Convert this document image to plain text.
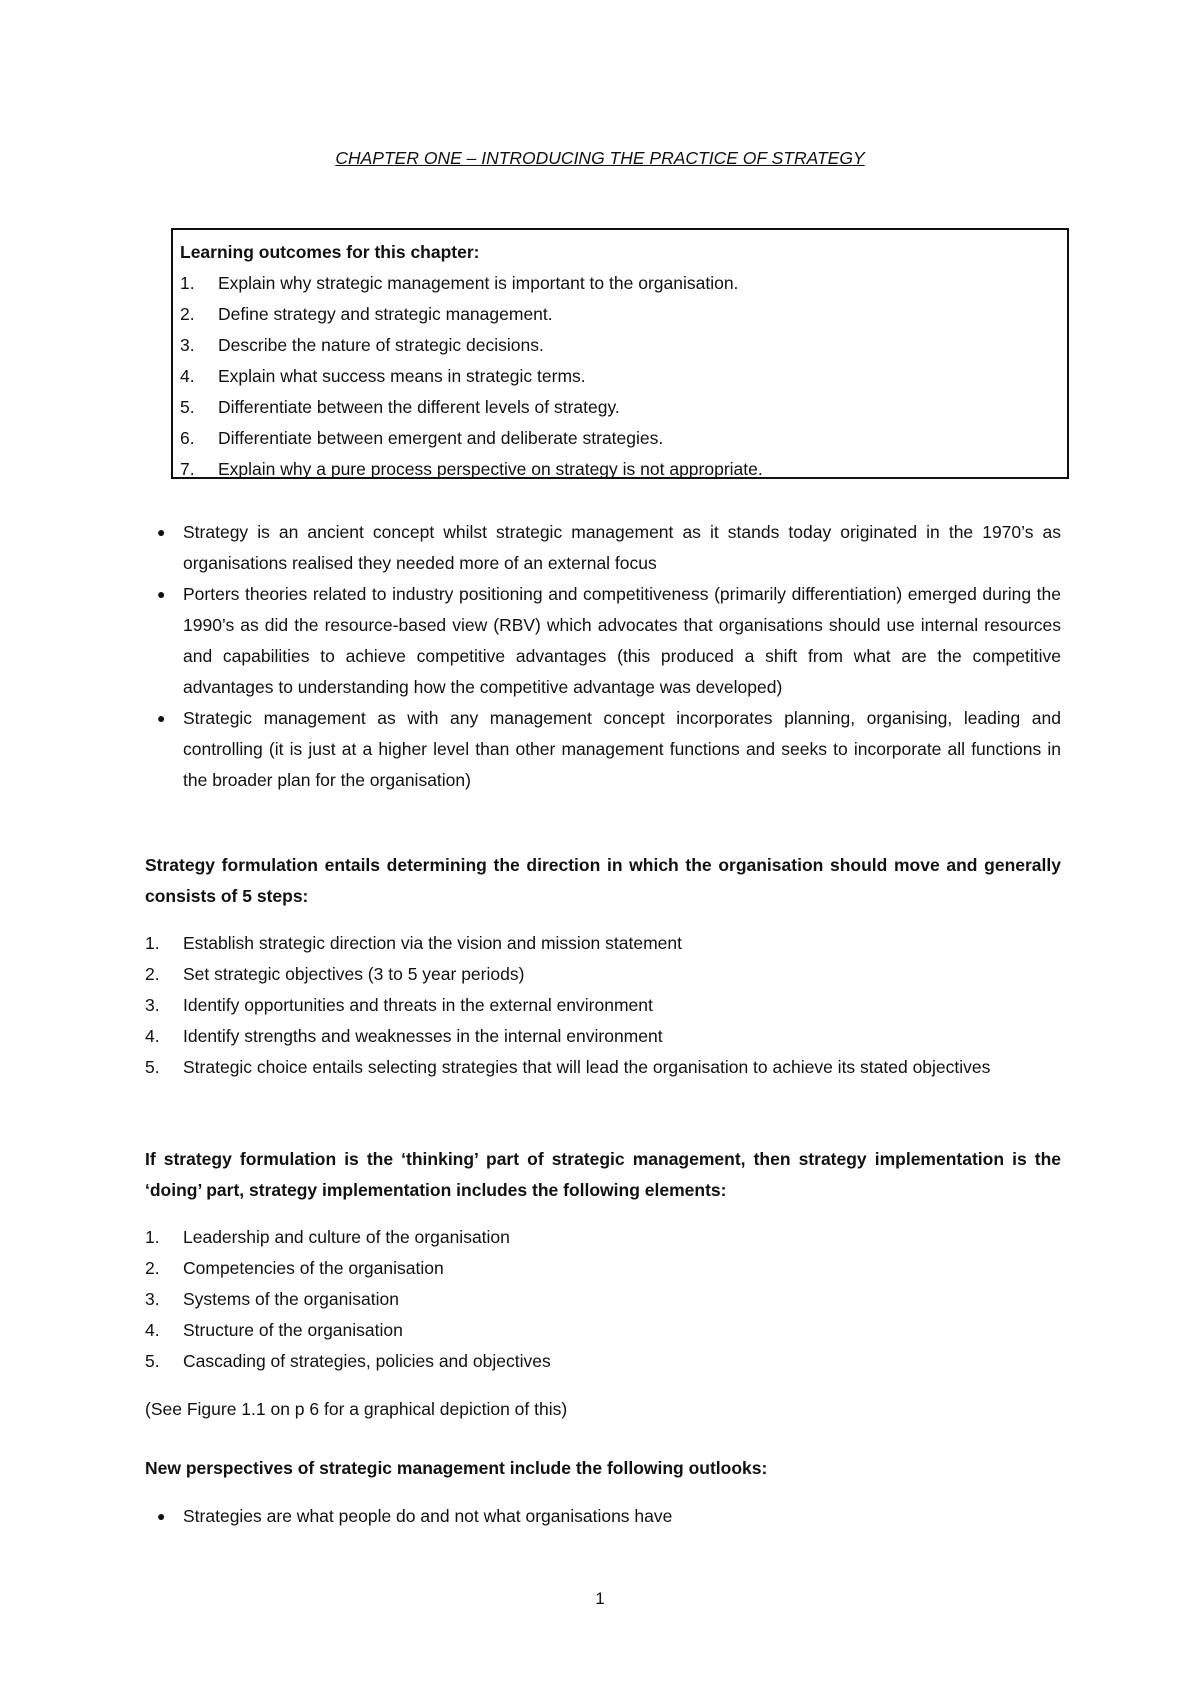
CHAPTER ONE – INTRODUCING THE PRACTICE OF STRATEGY
Learning outcomes for this chapter:
1.	Explain why strategic management is important to the organisation.
2.	Define strategy and strategic management.
3.	Describe the nature of strategic decisions.
4.	Explain what success means in strategic terms.
5.	Differentiate between the different levels of strategy.
6.	Differentiate between emergent and deliberate strategies.
7.	Explain why a pure process perspective on strategy is not appropriate.
●	Strategy is an ancient concept whilst strategic management as it stands today originated in the 1970’s as organisations realised they needed more of an external focus
●	Porters theories related to industry positioning and competitiveness (primarily differentiation) emerged during the 1990’s as did the resource-based view (RBV) which advocates that organisations should use internal resources and capabilities to achieve competitive advantages (this produced a shift from what are the competitive advantages to understanding how the competitive advantage was developed)
●	Strategic management as with any management concept incorporates planning, organising, leading and controlling (it is just at a higher level than other management functions and seeks to incorporate all functions in the broader plan for the organisation)
Strategy formulation entails determining the direction in which the organisation should move and generally consists of 5 steps:
1.	Establish strategic direction via the vision and mission statement
2.	Set strategic objectives (3 to 5 year periods)
3.	Identify opportunities and threats in the external environment
4.	Identify strengths and weaknesses in the internal environment
5.	Strategic choice entails selecting strategies that will lead the organisation to achieve its stated objectives
If strategy formulation is the ‘thinking’ part of strategic management, then strategy implementation is the ‘doing’ part, strategy implementation includes the following elements:
1.	Leadership and culture of the organisation
2.	Competencies of the organisation
3.	Systems of the organisation
4.	Structure of the organisation
5.	Cascading of strategies, policies and objectives
(See Figure 1.1 on p 6 for a graphical depiction of this)
New perspectives of strategic management include the following outlooks:
●	Strategies are what people do and not what organisations have
1
